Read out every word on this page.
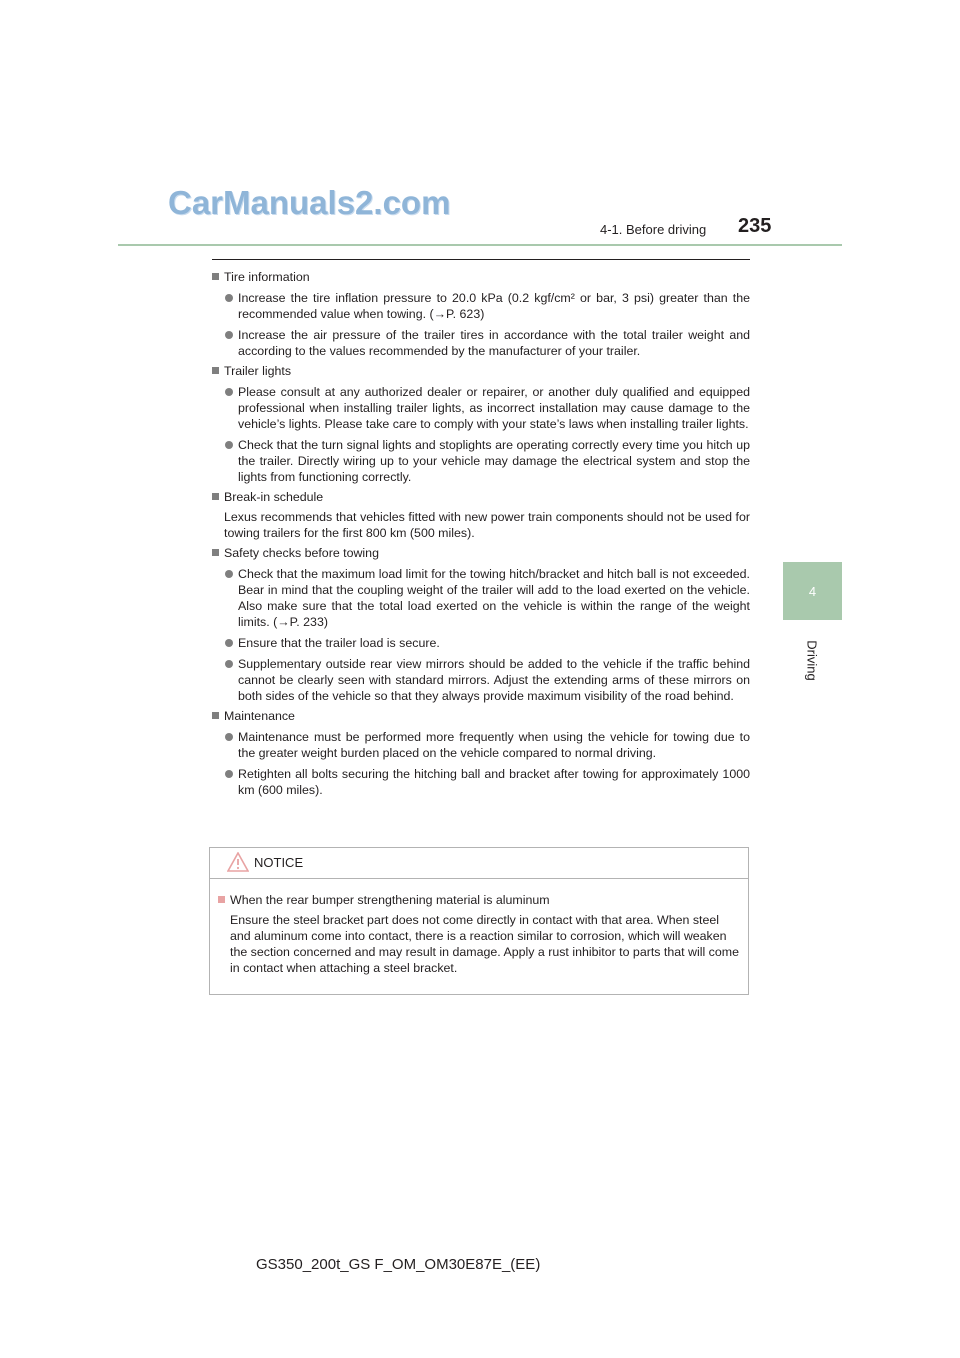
CarManuals2.com
4-1. Before driving 235
4
Driving
Tire information
Increase the tire inflation pressure to 20.0 kPa (0.2 kgf/cm² or bar, 3 psi) greater than the recommended value when towing. (→P. 623)
Increase the air pressure of the trailer tires in accordance with the total trailer weight and according to the values recommended by the manufacturer of your trailer.
Trailer lights
Please consult at any authorized dealer or repairer, or another duly qualified and equipped professional when installing trailer lights, as incorrect installation may cause damage to the vehicle’s lights. Please take care to comply with your state’s laws when installing trailer lights.
Check that the turn signal lights and stoplights are operating correctly every time you hitch up the trailer. Directly wiring up to your vehicle may damage the electrical system and stop the lights from functioning correctly.
Break-in schedule
Lexus recommends that vehicles fitted with new power train components should not be used for towing trailers for the first 800 km (500 miles).
Safety checks before towing
Check that the maximum load limit for the towing hitch/bracket and hitch ball is not exceeded. Bear in mind that the coupling weight of the trailer will add to the load exerted on the vehicle. Also make sure that the total load exerted on the vehicle is within the range of the weight limits. (→P. 233)
Ensure that the trailer load is secure.
Supplementary outside rear view mirrors should be added to the vehicle if the traffic behind cannot be clearly seen with standard mirrors. Adjust the extending arms of these mirrors on both sides of the vehicle so that they always provide maximum visibility of the road behind.
Maintenance
Maintenance must be performed more frequently when using the vehicle for towing due to the greater weight burden placed on the vehicle compared to normal driving.
Retighten all bolts securing the hitching ball and bracket after towing for approximately 1000 km (600 miles).
NOTICE
When the rear bumper strengthening material is aluminum
Ensure the steel bracket part does not come directly in contact with that area. When steel and aluminum come into contact, there is a reaction similar to corrosion, which will weaken the section concerned and may result in damage. Apply a rust inhibitor to parts that will come in contact when attaching a steel bracket.
GS350_200t_GS F_OM_OM30E87E_(EE)
